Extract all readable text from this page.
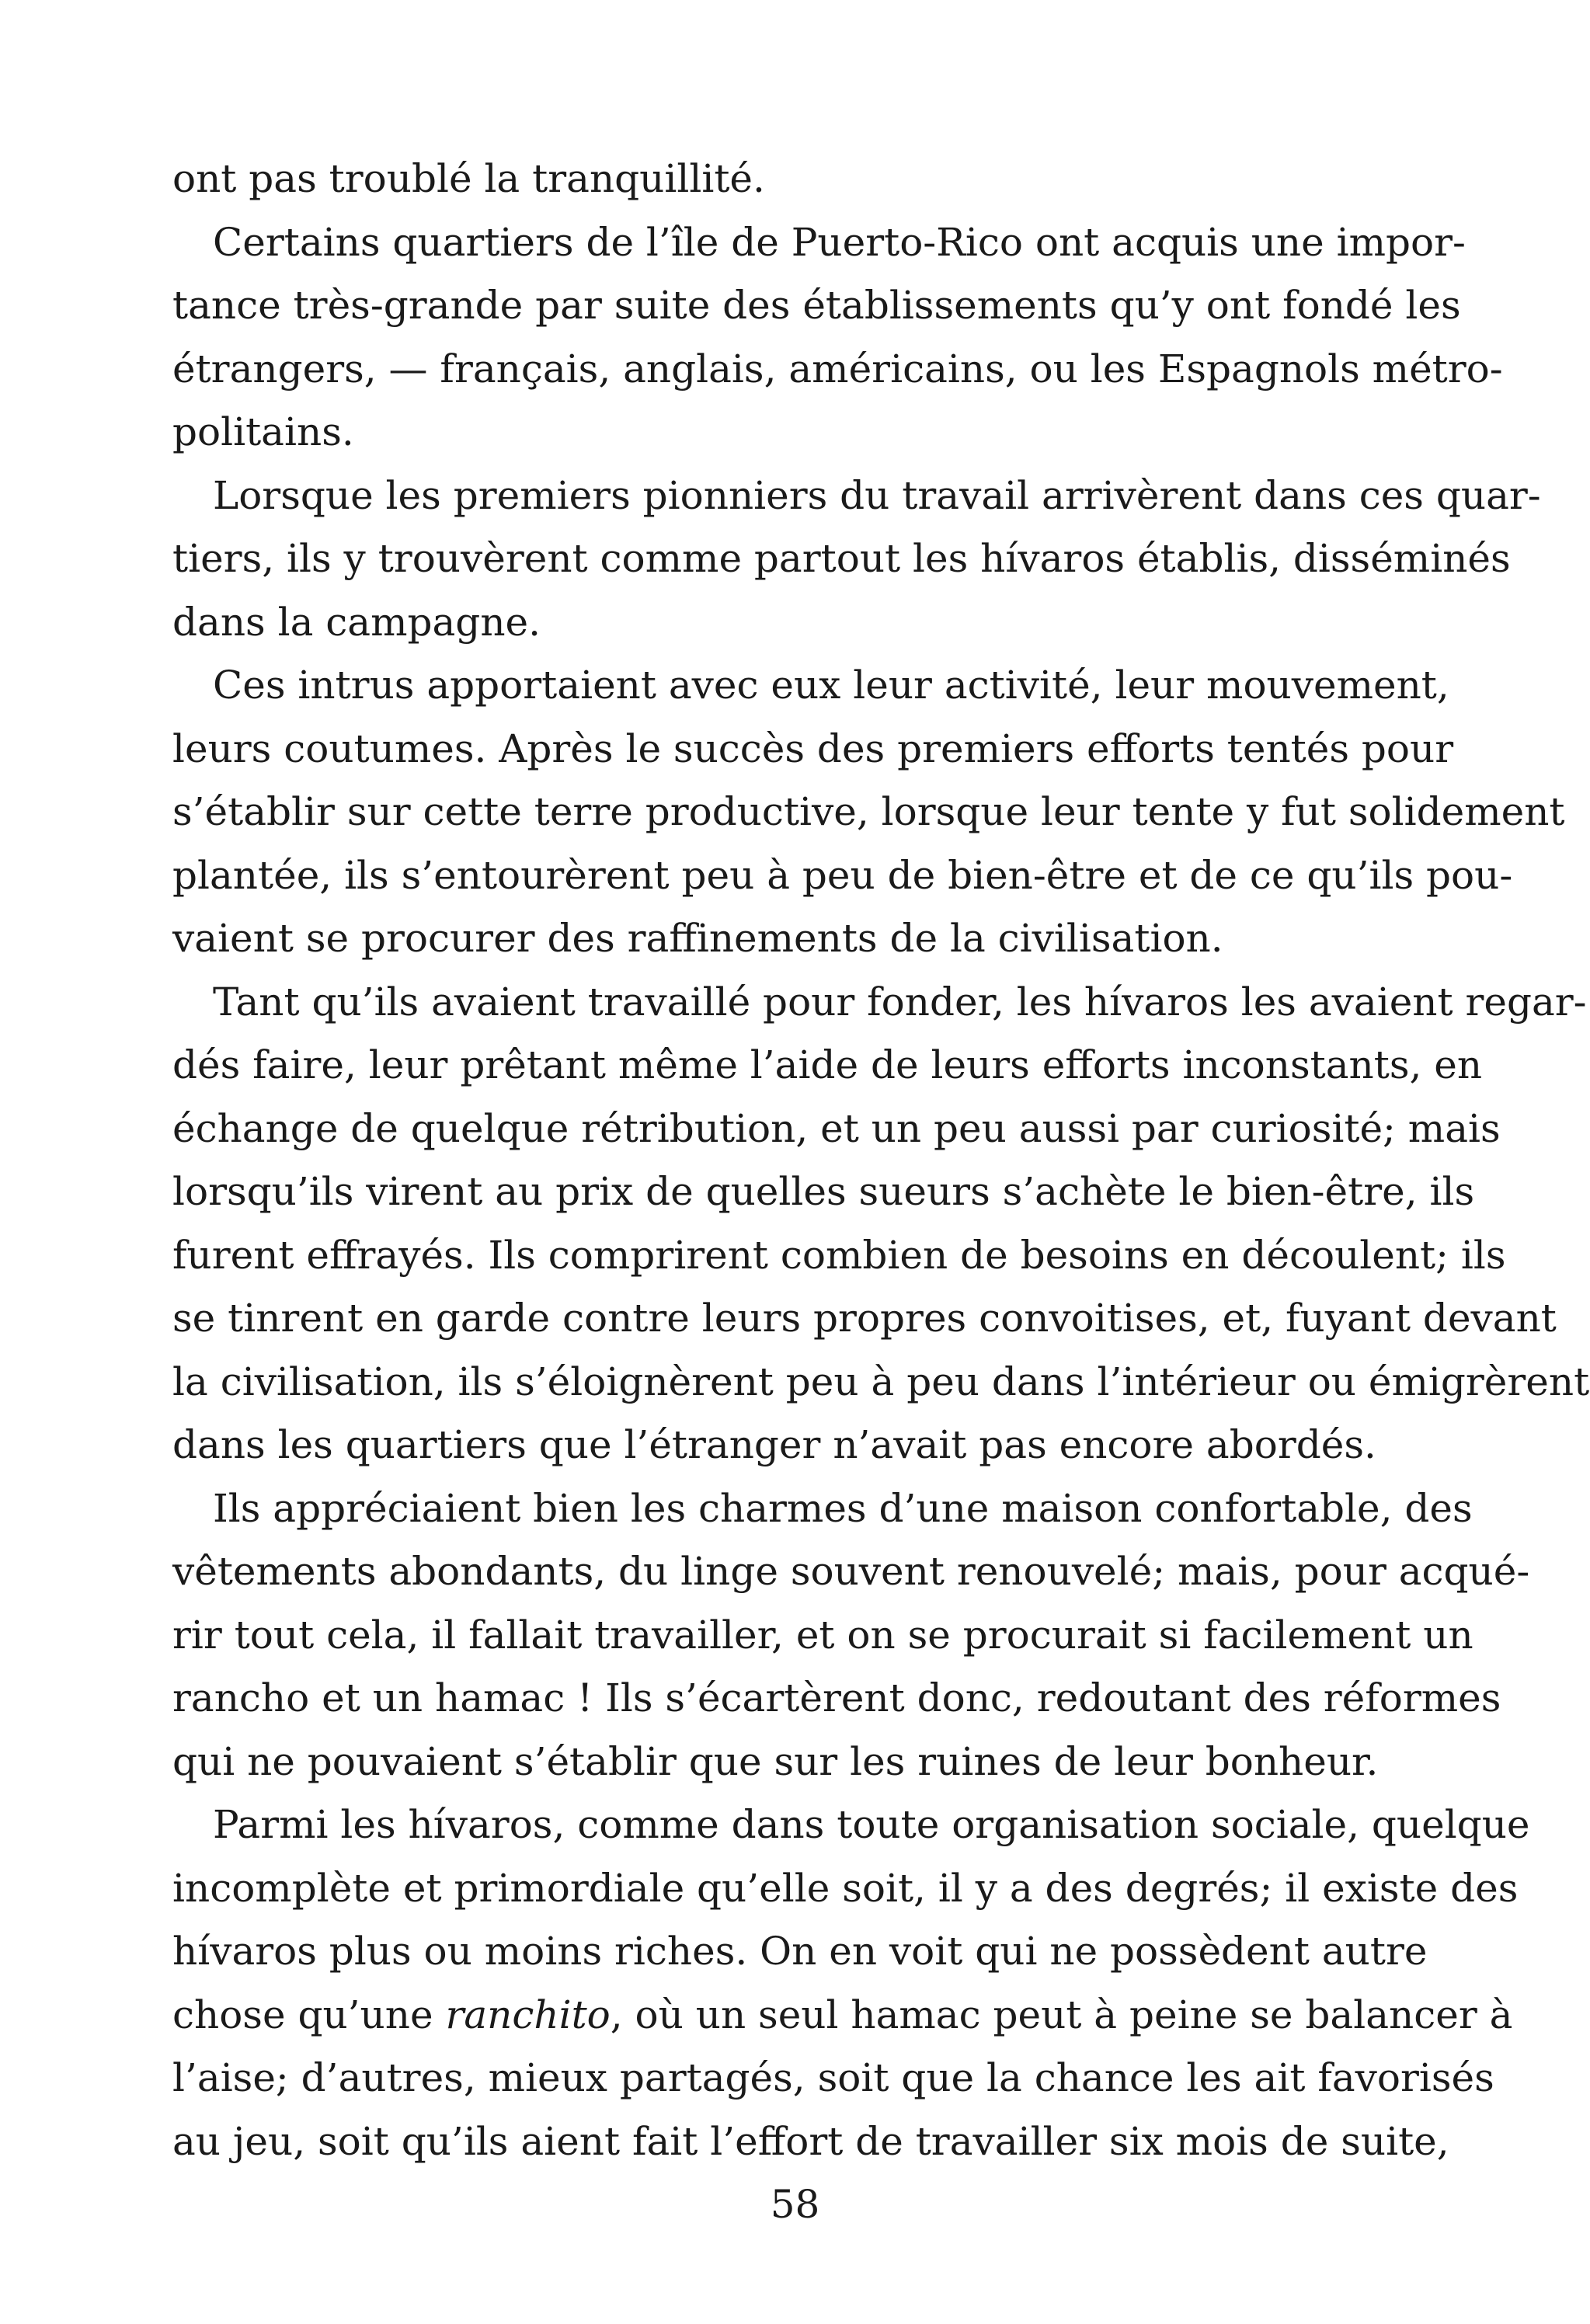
ont pas troublé la tranquillité.
Certains quartiers de l’île de Puerto-Rico ont acquis une impor-
tance très-grande par suite des établissements qu’y ont fondé les
étrangers, — français, anglais, américains, ou les Espagnols métro-
politains.
Lorsque les premiers pionniers du travail arrivèrent dans ces quar-
tiers, ils y trouvèrent comme partout les hívaros établis, disséminés
dans la campagne.
Ces intrus apportaient avec eux leur activité, leur mouvement,
leurs coutumes. Après le succès des premiers efforts tentés pour
s’établir sur cette terre productive, lorsque leur tente y fut solidement
plantée, ils s’entourèrent peu à peu de bien-être et de ce qu’ils pou-
vaient se procurer des raffinements de la civilisation.
Tant qu’ils avaient travaillé pour fonder, les hívaros les avaient regar-
dés faire, leur prêtant même l’aide de leurs efforts inconstants, en
échange de quelque rétribution, et un peu aussi par curiosité; mais
lorsqu’ils virent au prix de quelles sueurs s’achète le bien-être, ils
furent effrayés. Ils comprirent combien de besoins en découlent; ils
se tinrent en garde contre leurs propres convoitises, et, fuyant devant
la civilisation, ils s’éloignèrent peu à peu dans l’intérieur ou émigrèrent
dans les quartiers que l’étranger n’avait pas encore abordés.
Ils appréciaient bien les charmes d’une maison confortable, des
vêtements abondants, du linge souvent renouvelé; mais, pour acqué-
rir tout cela, il fallait travailler, et on se procurait si facilement un
rancho et un hamac ! Ils s’écartèrent donc, redoutant des réformes
qui ne pouvaient s’établir que sur les ruines de leur bonheur.
Parmi les hívaros, comme dans toute organisation sociale, quelque
incomplète et primordiale qu’elle soit, il y a des degrés; il existe des
hívaros plus ou moins riches. On en voit qui ne possèdent autre
chose qu’une ranchito, où un seul hamac peut à peine se balancer à
l’aise; d’autres, mieux partagés, soit que la chance les ait favorisés
au jeu, soit qu’ils aient fait l’effort de travailler six mois de suite,
58
